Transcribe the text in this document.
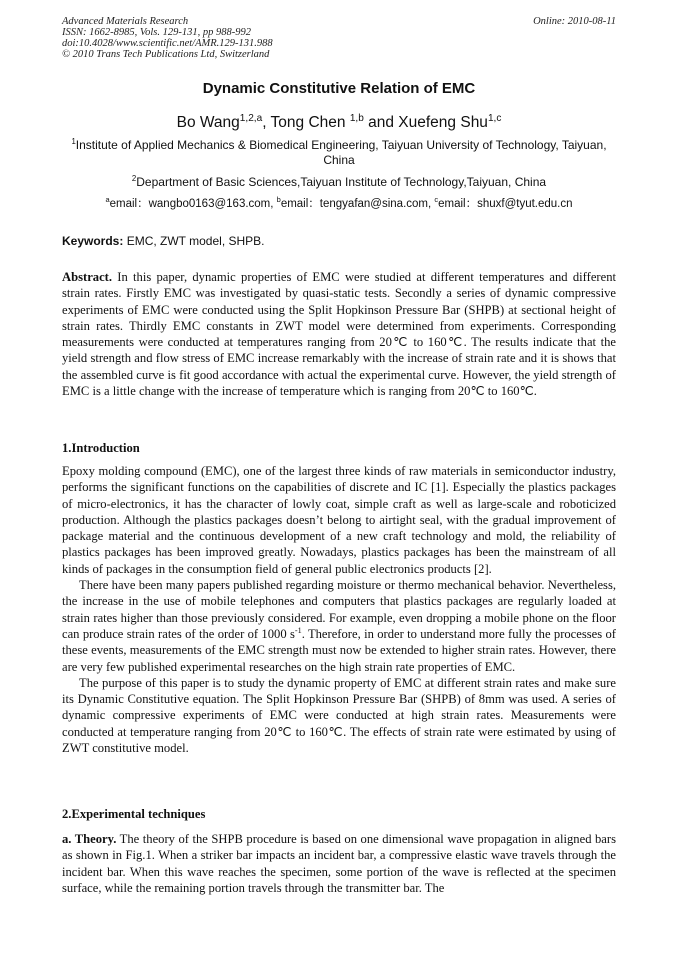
Advanced Materials Research
ISSN: 1662-8985, Vols. 129-131, pp 988-992
doi:10.4028/www.scientific.net/AMR.129-131.988
© 2010 Trans Tech Publications Ltd, Switzerland
Online: 2010-08-11
Dynamic Constitutive Relation of EMC
Bo Wang$^{1,2,a}$, Tong Chen $^{1,b}$ and Xuefeng Shu$^{1,c}$
$^1$Institute of Applied Mechanics & Biomedical Engineering, Taiyuan University of Technology, Taiyuan, China
$^2$Department of Basic Sciences,Taiyuan Institute of Technology,Taiyuan, China
$^a$email：wangbo0163@163.com, $^b$email：tengyafan@sina.com, $^c$email：shuxf@tyut.edu.cn
Keywords: EMC, ZWT model, SHPB.

Abstract. In this paper, dynamic properties of EMC were studied at different temperatures and different strain rates. Firstly EMC was investigated by quasi-static tests. Secondly a series of dynamic compressive experiments of EMC were conducted using the Split Hopkinson Pressure Bar (SHPB) at sectional height of strain rates. Thirdly EMC constants in ZWT model were determined from experiments. Corresponding measurements were conducted at temperatures ranging from 20℃ to 160℃. The results indicate that the yield strength and flow stress of EMC increase remarkably with the increase of strain rate and it is shows that the assembled curve is fit good accordance with actual the experimental curve. However, the yield strength of EMC is a little change with the increase of temperature which is ranging from 20℃ to 160℃.

1.Introduction

Epoxy molding compound (EMC), one of the largest three kinds of raw materials in semiconductor industry, performs the significant functions on the capabilities of discrete and IC [1]. Especially the plastics packages of micro-electronics, it has the character of lowly coat, simple craft as well as large-scale and roboticized production. Although the plastics packages doesn’t belong to airtight seal, with the gradual improvement of package material and the continuous development of a new craft technology and mold, the reliability of plastics packages has been improved greatly. Nowadays, plastics packages has been the mainstream of all kinds of packages in the consumption field of general public electronics products [2].

There have been many papers published regarding moisture or thermo mechanical behavior. Nevertheless, the increase in the use of mobile telephones and computers that plastics packages are regularly loaded at strain rates higher than those previously considered. For example, even dropping a mobile phone on the floor can produce strain rates of the order of 1000 $s^{-1}$. Therefore, in order to understand more fully the processes of these events, measurements of the EMC strength must now be extended to higher strain rates. However, there are very few published experimental researches on the high strain rate properties of EMC.

The purpose of this paper is to study the dynamic property of EMC at different strain rates and make sure its Dynamic Constitutive equation. The Split Hopkinson Pressure Bar (SHPB) of 8mm was used. A series of dynamic compressive experiments of EMC were conducted at high strain rates. Measurements were conducted at temperature ranging from 20℃ to 160℃. The effects of strain rate were estimated by using of ZWT constitutive model.

2.Experimental techniques

a. Theory. The theory of the SHPB procedure is based on one dimensional wave propagation in aligned bars as shown in Fig.1. When a striker bar impacts an incident bar, a compressive elastic wave travels through the incident bar. When this wave reaches the specimen, some portion of the wave is reflected at the specimen surface, while the remaining portion travels through the transmitter bar. The
